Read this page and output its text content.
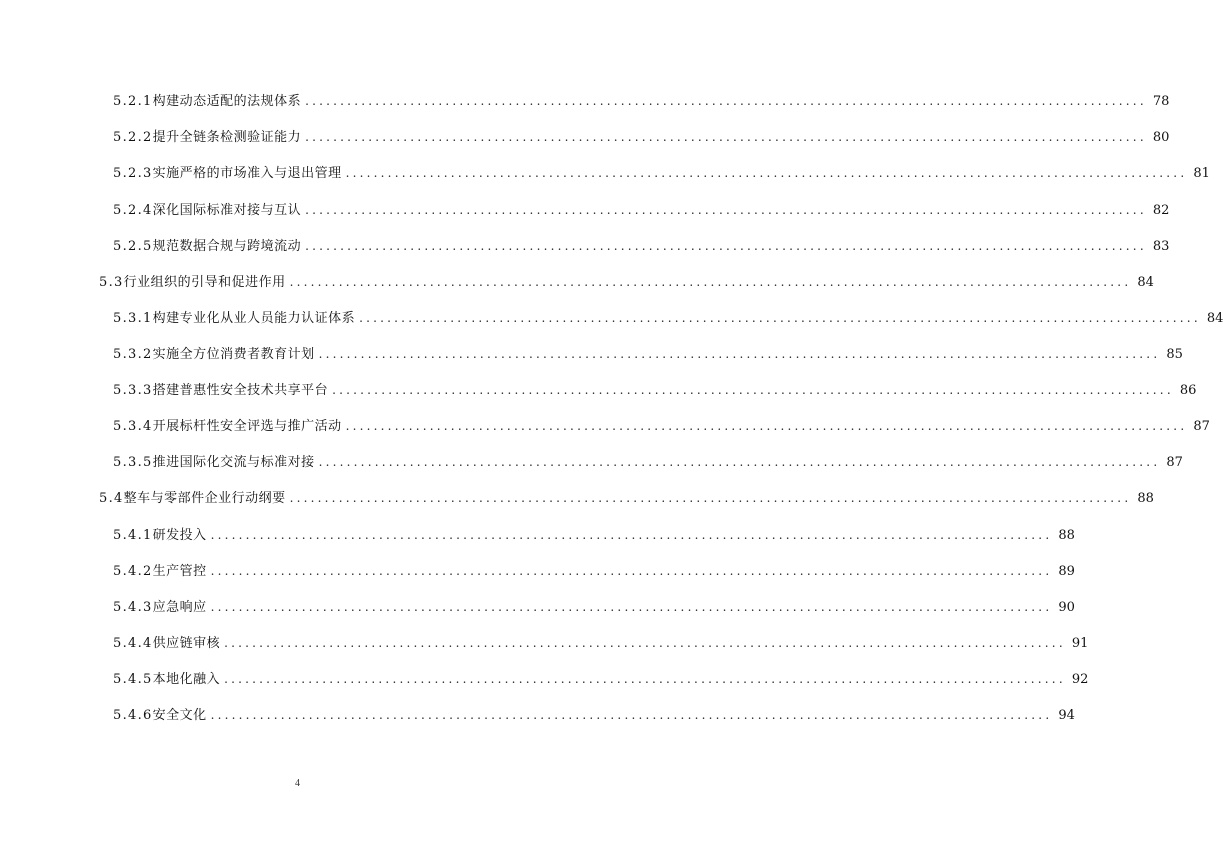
5.2.1 构建动态适配的法规体系 ........................................................................................................................ 78
5.2.2 提升全链条检测验证能力 ........................................................................................................................ 80
5.2.3 实施严格的市场准入与退出管理 ........................................................................................................................ 81
5.2.4 深化国际标准对接与互认 ........................................................................................................................ 82
5.2.5 规范数据合规与跨境流动 ........................................................................................................................ 83
5.3 行业组织的引导和促进作用 ........................................................................................................................ 84
5.3.1 构建专业化从业人员能力认证体系 ........................................................................................................................ 84
5.3.2 实施全方位消费者教育计划 ........................................................................................................................ 85
5.3.3 搭建普惠性安全技术共享平台 ........................................................................................................................ 86
5.3.4 开展标杆性安全评选与推广活动 ........................................................................................................................ 87
5.3.5 推进国际化交流与标准对接 ........................................................................................................................ 87
5.4 整车与零部件企业行动纲要 ........................................................................................................................ 88
5.4.1 研发投入 ........................................................................................................................ 88
5.4.2 生产管控 ........................................................................................................................ 89
5.4.3 应急响应 ........................................................................................................................ 90
5.4.4 供应链审核 ........................................................................................................................ 91
5.4.5 本地化融入 ........................................................................................................................ 92
5.4.6 安全文化 ........................................................................................................................ 94
4
